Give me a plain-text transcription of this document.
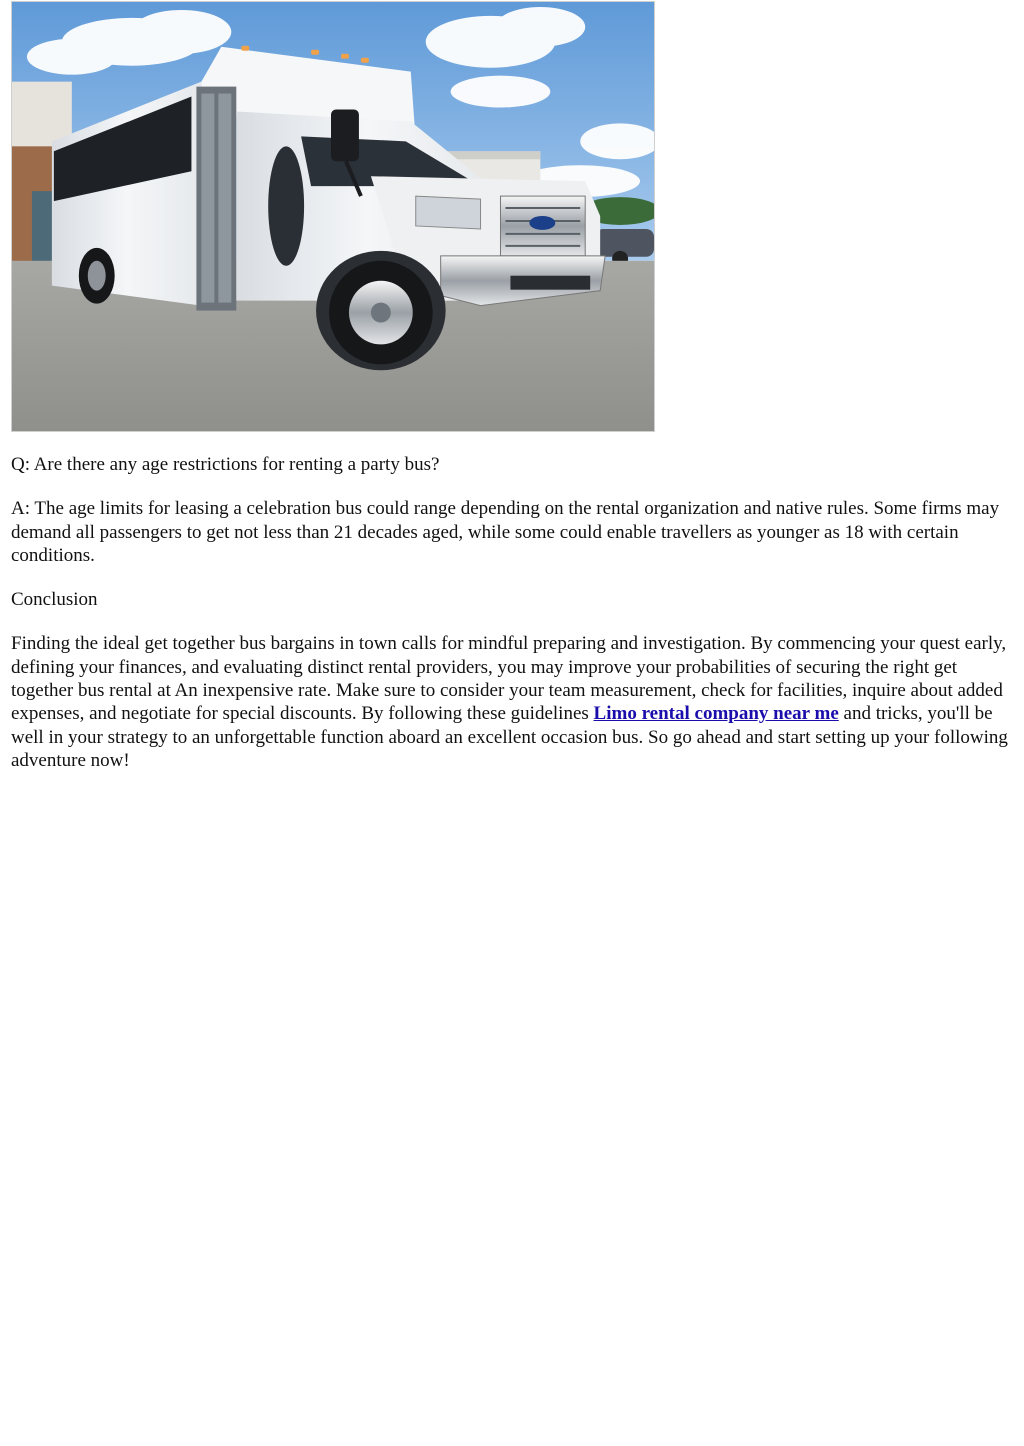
Q: Are there any age restrictions for renting a party bus?

A: The age limits for leasing a celebration bus could range depending on the rental organization and native rules. Some firms may demand all passengers to get not less than 21 decades aged, while some could enable travellers as younger as 18 with certain conditions.

Conclusion

Finding the ideal get together bus bargains in town calls for mindful preparing and investigation. By commencing your quest early, defining your finances, and evaluating distinct rental providers, you may improve your probabilities of securing the right get together bus rental at An inexpensive rate. Make sure to consider your team measurement, check for facilities, inquire about added expenses, and negotiate for special discounts. By following these guidelines Limo rental company near me and tricks, you'll be well in your strategy to an unforgettable function aboard an excellent occasion bus. So go ahead and start setting up your following adventure now!
